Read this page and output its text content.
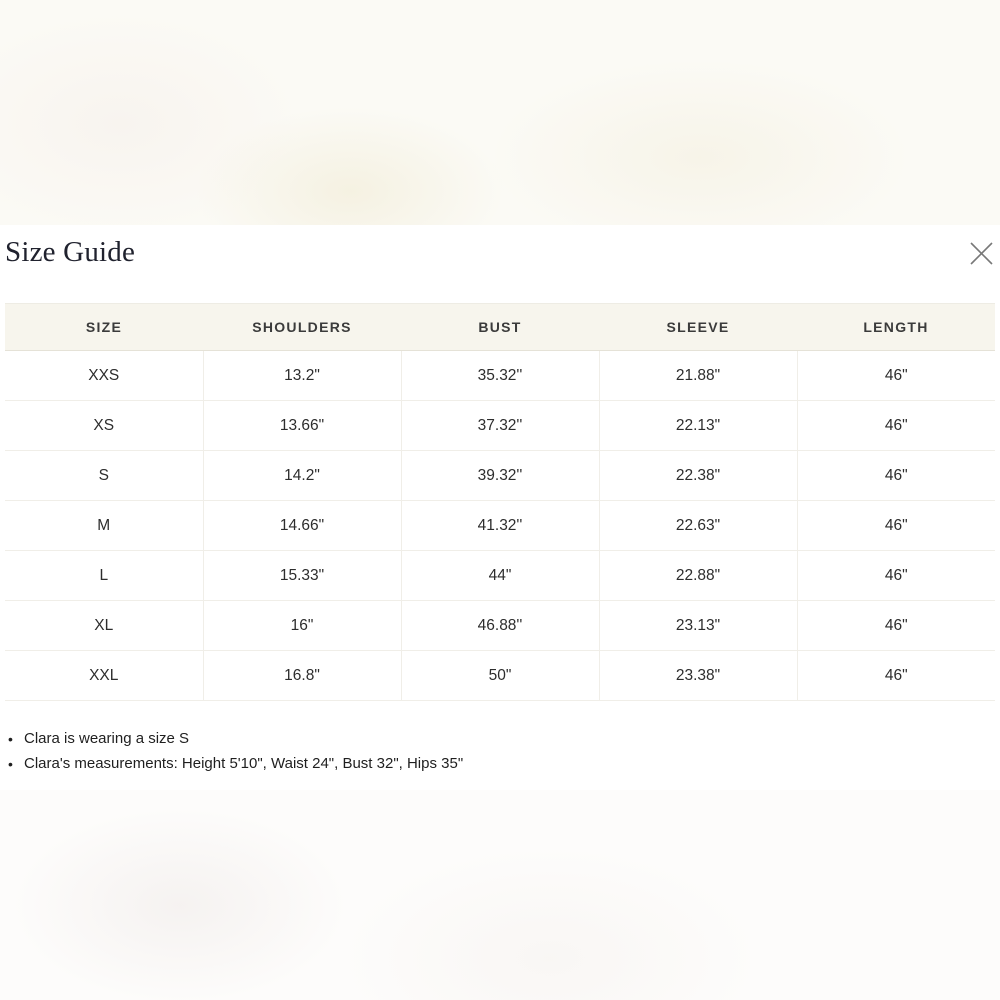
Size Guide
SIZE	SHOULDERS	BUST	SLEEVE	LENGTH
XXS	13.2"	35.32''	21.88"	46"
XS	13.66"	37.32''	22.13"	46"
S	14.2"	39.32''	22.38"	46"
M	14.66"	41.32''	22.63"	46"
L	15.33"	44"	22.88"	46"
XL	16"	46.88''	23.13"	46"
XXL	16.8"	50"	23.38"	46"
• Clara is wearing a size S
• Clara's measurements: Height 5'10", Waist 24", Bust 32", Hips 35"
